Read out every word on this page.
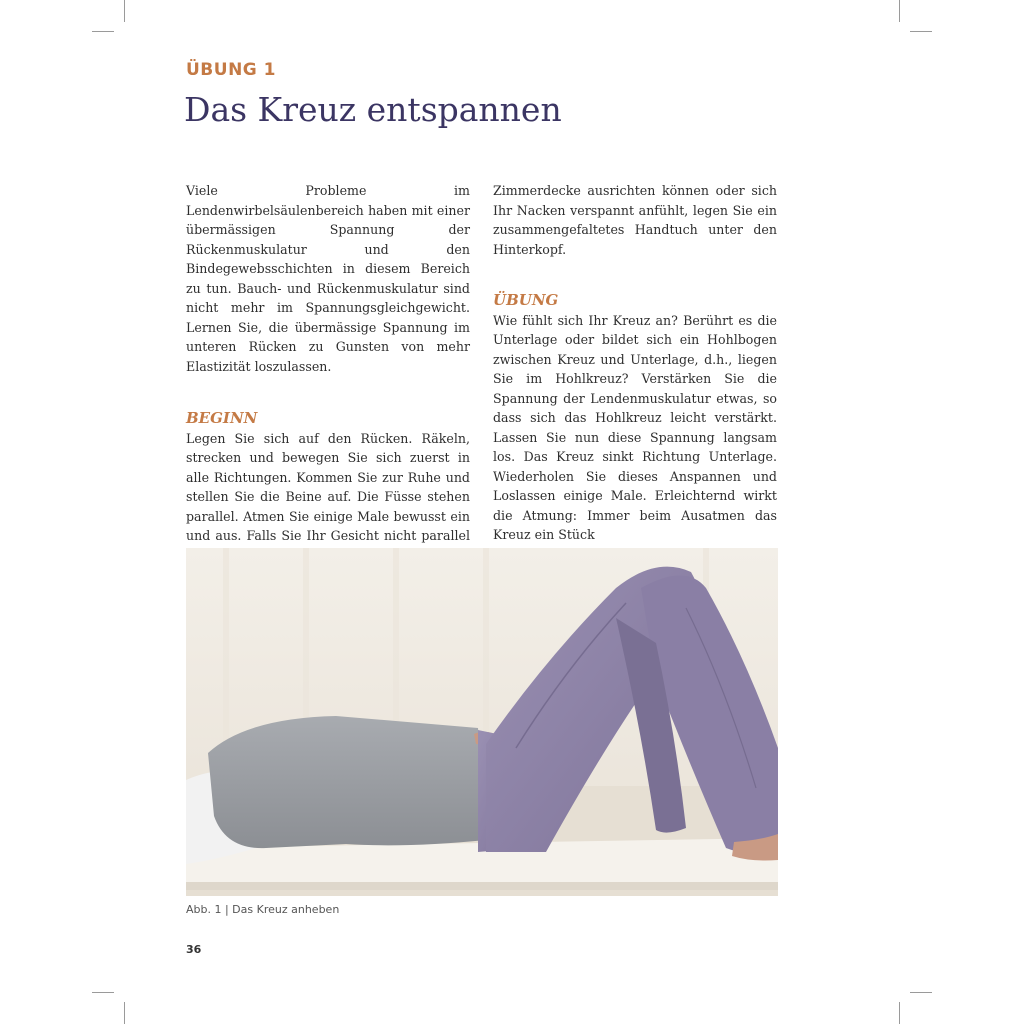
ÜBUNG 1
Das Kreuz entspannen

Viele Probleme im Lendenwirbelsäulenbereich haben mit einer übermässigen Spannung der Rückenmuskulatur und den Bindegewebsschichten in diesem Bereich zu tun. Bauch- und Rückenmuskulatur sind nicht mehr im Spannungsgleichgewicht. Lernen Sie, die übermässige Spannung im unteren Rücken zu Gunsten von mehr Elastizität loszulassen.

BEGINN

Legen Sie sich auf den Rücken. Räkeln, strecken und bewegen Sie sich zuerst in alle Richtungen. Kommen Sie zur Ruhe und stellen Sie die Beine auf. Die Füsse stehen parallel. Atmen Sie einige Male bewusst ein und aus. Falls Sie Ihr Gesicht nicht parallel

Zimmerdecke ausrichten können oder sich Ihr Nacken verspannt anfühlt, legen Sie ein zusammengefaltetes Handtuch unter den Hinterkopf.

ÜBUNG

Wie fühlt sich Ihr Kreuz an? Berührt es die Unterlage oder bildet sich ein Hohlbogen zwischen Kreuz und Unterlage, d.h., liegen Sie im Hohlkreuz? Verstärken Sie die Spannung der Lendenmuskulatur etwas, so dass sich das Hohlkreuz leicht verstärkt. Lassen Sie nun diese Spannung langsam los. Das Kreuz sinkt Richtung Unterlage. Wiederholen Sie dieses Anspannen und Loslassen einige Male. Erleichternd wirkt die Atmung: Immer beim Ausatmen das Kreuz ein Stück

Abb. 1 | Das Kreuz anheben
36
